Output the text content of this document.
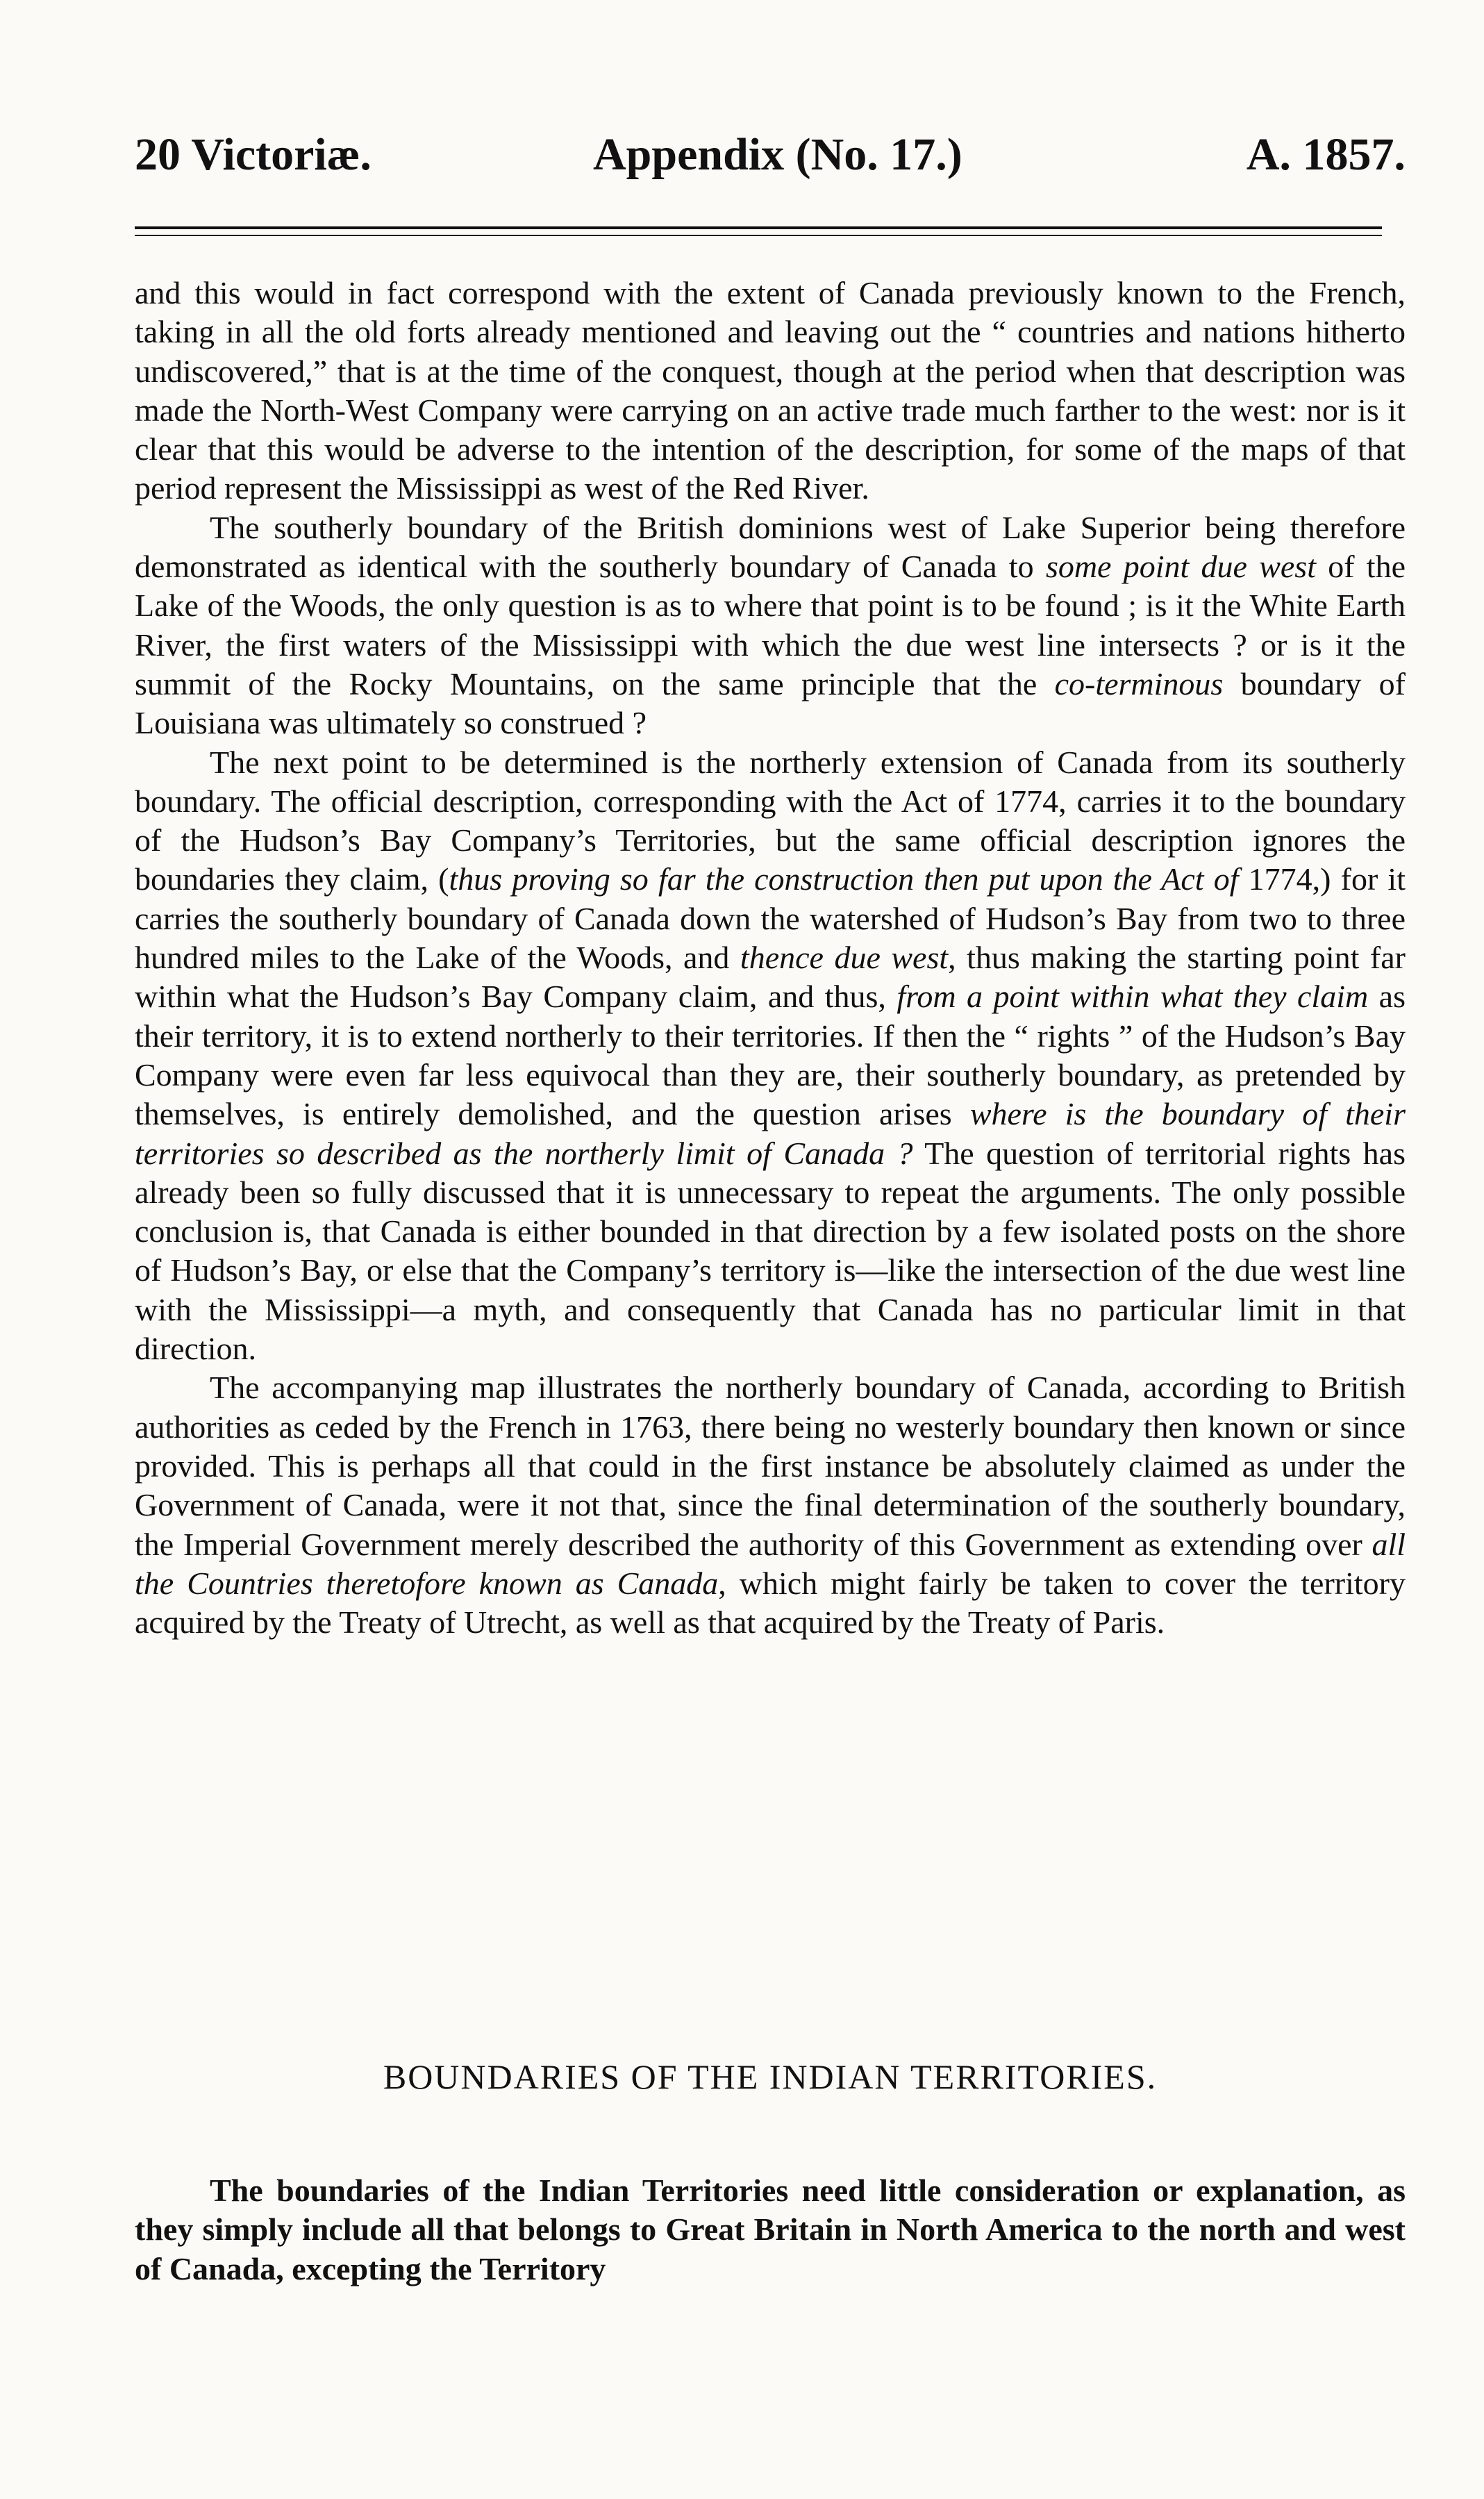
20 Victoriæ.	Appendix (No. 17.)	A. 1857.

and this would in fact correspond with the extent of Canada previously known to the French, taking in all the old forts already mentioned and leaving out the “ countries and nations hitherto undiscovered,” that is at the time of the conquest, though at the period when that description was made the North-West Company were carrying on an active trade much farther to the west: nor is it clear that this would be adverse to the intention of the description, for some of the maps of that period represent the Mississippi as west of the Red River.

The southerly boundary of the British dominions west of Lake Superior being therefore demonstrated as identical with the southerly boundary of Canada to some point due west of the Lake of the Woods, the only question is as to where that point is to be found ; is it the White Earth River, the first waters of the Mississippi with which the due west line intersects ? or is it the summit of the Rocky Mountains, on the same principle that the co-terminous boundary of Louisiana was ultimately so construed ?

The next point to be determined is the northerly extension of Canada from its southerly boundary. The official description, corresponding with the Act of 1774, carries it to the boundary of the Hudson’s Bay Company’s Territories, but the same official description ignores the boundaries they claim, (thus proving so far the construction then put upon the Act of 1774,) for it carries the southerly boundary of Canada down the watershed of Hudson’s Bay from two to three hundred miles to the Lake of the Woods, and thence due west, thus making the starting point far within what the Hudson’s Bay Company claim, and thus, from a point within what they claim as their territory, it is to extend northerly to their territories. If then the “ rights ” of the Hudson’s Bay Company were even far less equivocal than they are, their southerly boundary, as pretended by themselves, is entirely demolished, and the question arises where is the boundary of their territories so described as the northerly limit of Canada ? The question of territorial rights has already been so fully discussed that it is unnecessary to repeat the arguments. The only possible conclusion is, that Canada is either bounded in that direction by a few isolated posts on the shore of Hudson’s Bay, or else that the Company’s territory is—like the intersection of the due west line with the Mississippi—a myth, and consequently that Canada has no particular limit in that direction.

The accompanying map illustrates the northerly boundary of Canada, according to British authorities as ceded by the French in 1763, there being no westerly boundary then known or since provided. This is perhaps all that could in the first instance be absolutely claimed as under the Government of Canada, were it not that, since the final determination of the southerly boundary, the Imperial Government merely described the authority of this Government as extending over all the Countries theretofore known as Canada, which might fairly be taken to cover the territory acquired by the Treaty of Utrecht, as well as that acquired by the Treaty of Paris.

BOUNDARIES OF THE INDIAN TERRITORIES.

The boundaries of the Indian Territories need little consideration or explanation, as they simply include all that belongs to Great Britain in North America to the north and west of Canada, excepting the Territory
